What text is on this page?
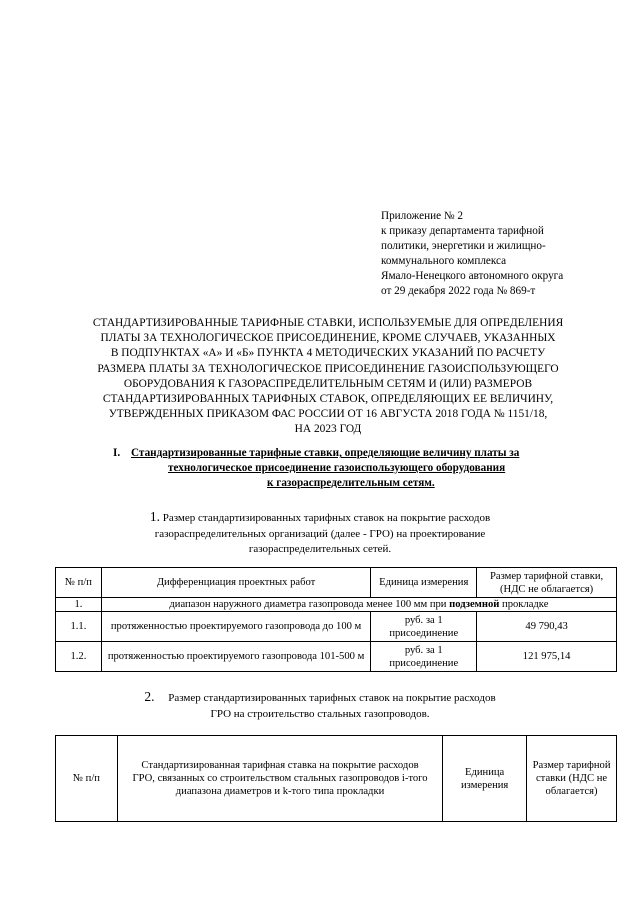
Приложение № 2
к приказу департамента тарифной
политики, энергетики и жилищно-
коммунального комплекса
Ямало-Ненецкого автономного округа
от 29 декабря 2022 года № 869-т
СТАНДАРТИЗИРОВАННЫЕ ТАРИФНЫЕ СТАВКИ, ИСПОЛЬЗУЕМЫЕ ДЛЯ ОПРЕДЕЛЕНИЯ
ПЛАТЫ ЗА ТЕХНОЛОГИЧЕСКОЕ ПРИСОЕДИНЕНИЕ, КРОМЕ СЛУЧАЕВ, УКАЗАННЫХ
В ПОДПУНКТАХ «А» И «Б» ПУНКТА 4 МЕТОДИЧЕСКИХ УКАЗАНИЙ ПО РАСЧЕТУ
РАЗМЕРА ПЛАТЫ ЗА ТЕХНОЛОГИЧЕСКОЕ ПРИСОЕДИНЕНИЕ ГАЗОИСПОЛЬЗУЮЩЕГО
ОБОРУДОВАНИЯ К ГАЗОРАСПРЕДЕЛИТЕЛЬНЫМ СЕТЯМ И (ИЛИ) РАЗМЕРОВ
СТАНДАРТИЗИРОВАННЫХ ТАРИФНЫХ СТАВОК, ОПРЕДЕЛЯЮЩИХ ЕЕ ВЕЛИЧИНУ,
УТВЕРЖДЕННЫХ ПРИКАЗОМ ФАС РОССИИ ОТ 16 АВГУСТА 2018 ГОДА № 1151/18,
НА 2023 ГОД
I. Стандартизированные тарифные ставки, определяющие величину платы за
технологическое присоединение газоиспользующего оборудования
к газораспределительным сетям.
1. Размер стандартизированных тарифных ставок на покрытие расходов
газораспределительных организаций (далее - ГРО) на проектирование
газораспределительных сетей.
№ п/п	Дифференциация проектных работ	Единица измерения	Размер тарифной ставки, (НДС не облагается)
1.	диапазон наружного диаметра газопровода менее 100 мм при подземной прокладке		
1.1.	протяженностью проектируемого газопровода до 100 м	руб. за 1 присоединение	49 790,43
1.2.	протяженностью проектируемого газопровода 101-500 м	руб. за 1 присоединение	121 975,14
2. Размер стандартизированных тарифных ставок на покрытие расходов
ГРО на строительство стальных газопроводов.
№ п/п	Стандартизированная тарифная ставка на покрытие расходов ГРО, связанных со строительством стальных газопроводов i-того диапазона диаметров и k-того типа прокладки	Единица измерения	Размер тарифной ставки (НДС не облагается)
